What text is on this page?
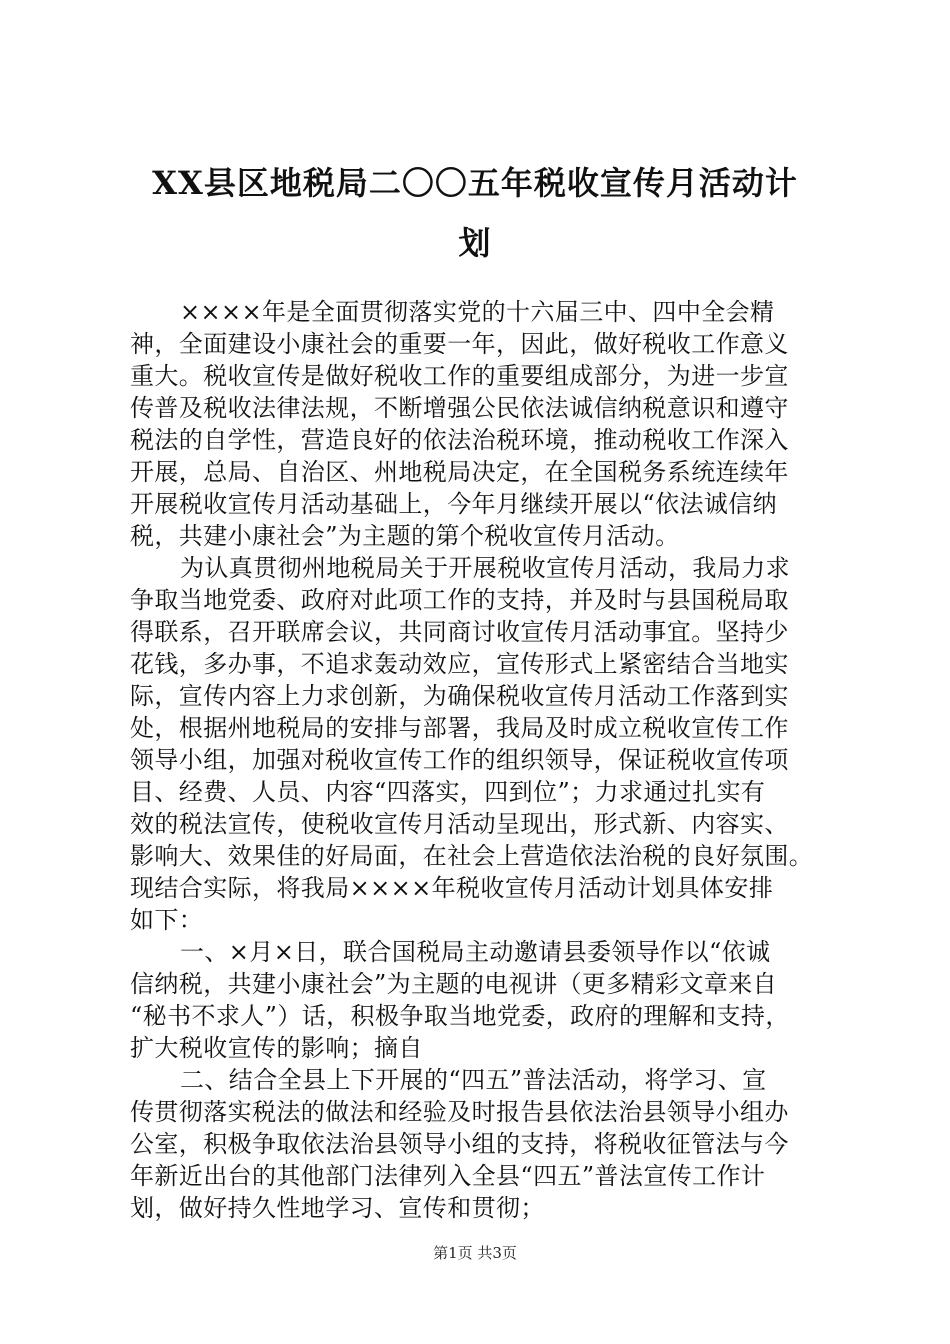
XX县区地税局二〇〇五年税收宣传月活动计
划
××××年是全面贯彻落实党的十六届三中、四中全会精
神，全面建设小康社会的重要一年，因此，做好税收工作意义
重大。税收宣传是做好税收工作的重要组成部分，为进一步宣
传普及税收法律法规，不断增强公民依法诚信纳税意识和遵守
税法的自学性，营造良好的依法治税环境，推动税收工作深入
开展，总局、自治区、州地税局决定，在全国税务系统连续年
开展税收宣传月活动基础上，今年月继续开展以“依法诚信纳
税，共建小康社会”为主题的第个税收宣传月活动。
为认真贯彻州地税局关于开展税收宣传月活动，我局力求
争取当地党委、政府对此项工作的支持，并及时与县国税局取
得联系，召开联席会议，共同商讨收宣传月活动事宜。坚持少
花钱，多办事，不追求轰动效应，宣传形式上紧密结合当地实
际，宣传内容上力求创新，为确保税收宣传月活动工作落到实
处，根据州地税局的安排与部署，我局及时成立税收宣传工作
领导小组，加强对税收宣传工作的组织领导，保证税收宣传项
目、经费、人员、内容“四落实，四到位”；力求通过扎实有
效的税法宣传，使税收宣传月活动呈现出，形式新、内容实、
影响大、效果佳的好局面，在社会上营造依法治税的良好氛围。
现结合实际，将我局××××年税收宣传月活动计划具体安排
如下：
一、×月×日，联合国税局主动邀请县委领导作以“依诚
信纳税，共建小康社会”为主题的电视讲（更多精彩文章来自
“秘书不求人”）话，积极争取当地党委，政府的理解和支持，
扩大税收宣传的影响；摘自
二、结合全县上下开展的“四五”普法活动，将学习、宣
传贯彻落实税法的做法和经验及时报告县依法治县领导小组办
公室，积极争取依法治县领导小组的支持，将税收征管法与今
年新近出台的其他部门法律列入全县“四五”普法宣传工作计
划，做好持久性地学习、宣传和贯彻；
第1页 共3页
